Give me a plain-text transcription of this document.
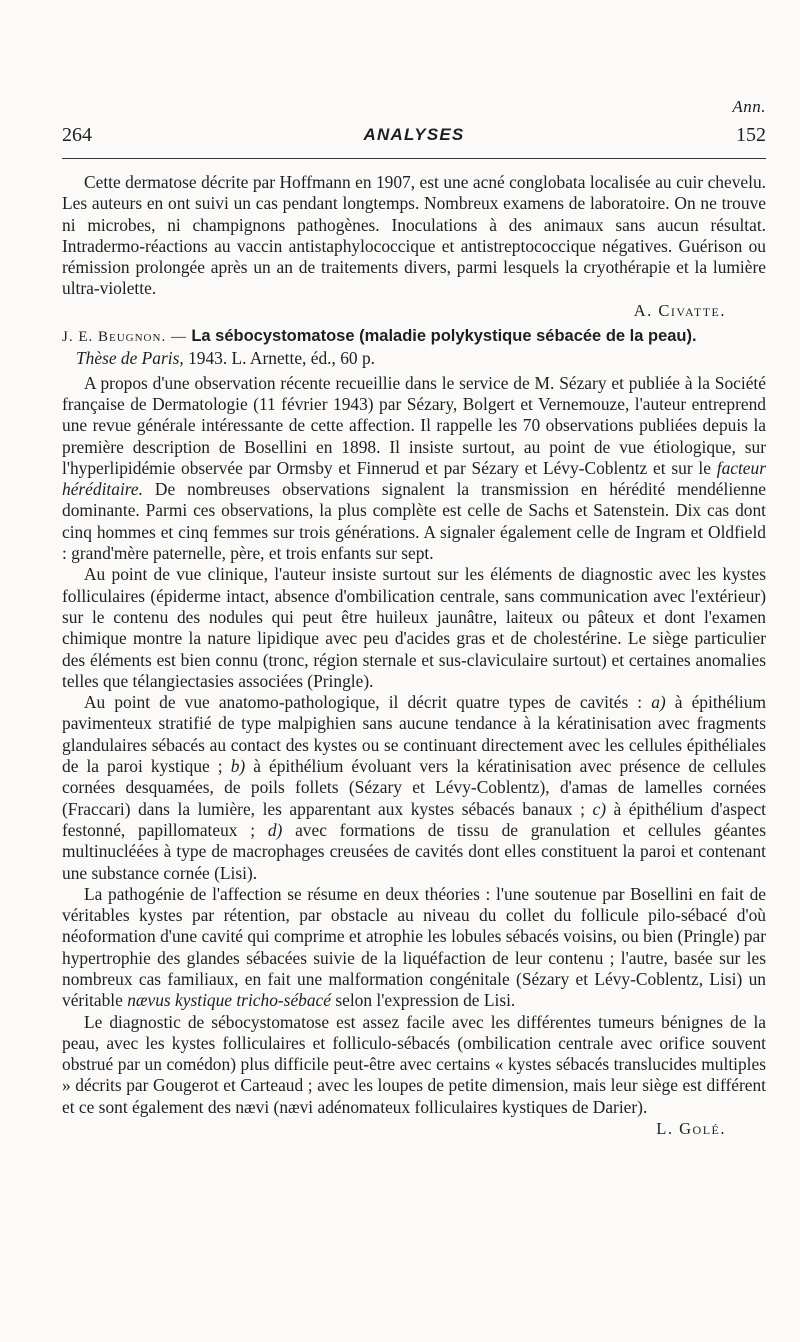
Ann.
264	ANALYSES	152

Cette dermatose décrite par Hoffmann en 1907, est une acné conglobata localisée au cuir chevelu. Les auteurs en ont suivi un cas pendant longtemps. Nombreux examens de laboratoire. On ne trouve ni microbes, ni champignons pathogènes. Inoculations à des animaux sans aucun résultat. Intradermo-réactions au vaccin antistaphylococcique et antistreptococcique négatives. Guérison ou rémission prolongée après un an de traitements divers, parmi lesquels la cryothérapie et la lumière ultra-violette.

A. Civatte.

J. E. Beugnon. — La sébocystomatose (maladie polykystique sébacée de la peau).

Thèse de Paris, 1943. L. Arnette, éd., 60 p.

A propos d'une observation récente recueillie dans le service de M. Sézary et publiée à la Société française de Dermatologie (11 février 1943) par Sézary, Bolgert et Vernemouze, l'auteur entreprend une revue générale intéressante de cette affection. Il rappelle les 70 observations publiées depuis la première description de Bosellini en 1898. Il insiste surtout, au point de vue étiologique, sur l'hyperlipidémie observée par Ormsby et Finnerud et par Sézary et Lévy-Coblentz et sur le facteur héréditaire. De nombreuses observations signalent la transmission en hérédité mendélienne dominante. Parmi ces observations, la plus complète est celle de Sachs et Satenstein. Dix cas dont cinq hommes et cinq femmes sur trois générations. A signaler également celle de Ingram et Oldfield : grand'mère paternelle, père, et trois enfants sur sept.

Au point de vue clinique, l'auteur insiste surtout sur les éléments de diagnostic avec les kystes folliculaires (épiderme intact, absence d'ombilication centrale, sans communication avec l'extérieur) sur le contenu des nodules qui peut être huileux jaunâtre, laiteux ou pâteux et dont l'examen chimique montre la nature lipidique avec peu d'acides gras et de cholestérine. Le siège particulier des éléments est bien connu (tronc, région sternale et sus-claviculaire surtout) et certaines anomalies telles que télangiectasies associées (Pringle).

Au point de vue anatomo-pathologique, il décrit quatre types de cavités : a) à épithélium pavimenteux stratifié de type malpighien sans aucune tendance à la kératinisation avec fragments glandulaires sébacés au contact des kystes ou se continuant directement avec les cellules épithéliales de la paroi kystique ; b) à épithélium évoluant vers la kératinisation avec présence de cellules cornées desquamées, de poils follets (Sézary et Lévy-Coblentz), d'amas de lamelles cornées (Fraccari) dans la lumière, les apparentant aux kystes sébacés banaux ; c) à épithélium d'aspect festonné, papillomateux ; d) avec formations de tissu de granulation et cellules géantes multinucléées à type de macrophages creusées de cavités dont elles constituent la paroi et contenant une substance cornée (Lisi).

La pathogénie de l'affection se résume en deux théories : l'une soutenue par Bosellini en fait de véritables kystes par rétention, par obstacle au niveau du collet du follicule pilo-sébacé d'où néoformation d'une cavité qui comprime et atrophie les lobules sébacés voisins, ou bien (Pringle) par hypertrophie des glandes sébacées suivie de la liquéfaction de leur contenu ; l'autre, basée sur les nombreux cas familiaux, en fait une malformation congénitale (Sézary et Lévy-Coblentz, Lisi) un véritable nævus kystique tricho-sébacé selon l'expression de Lisi.

Le diagnostic de sébocystomatose est assez facile avec les différentes tumeurs bénignes de la peau, avec les kystes folliculaires et folliculo-sébacés (ombilication centrale avec orifice souvent obstrué par un comédon) plus difficile peut-être avec certains « kystes sébacés translucides multiples » décrits par Gougerot et Carteaud ; avec les loupes de petite dimension, mais leur siège est différent et ce sont également des nævi (nævi adénomateux folliculaires kystiques de Darier).

L. Golé.
